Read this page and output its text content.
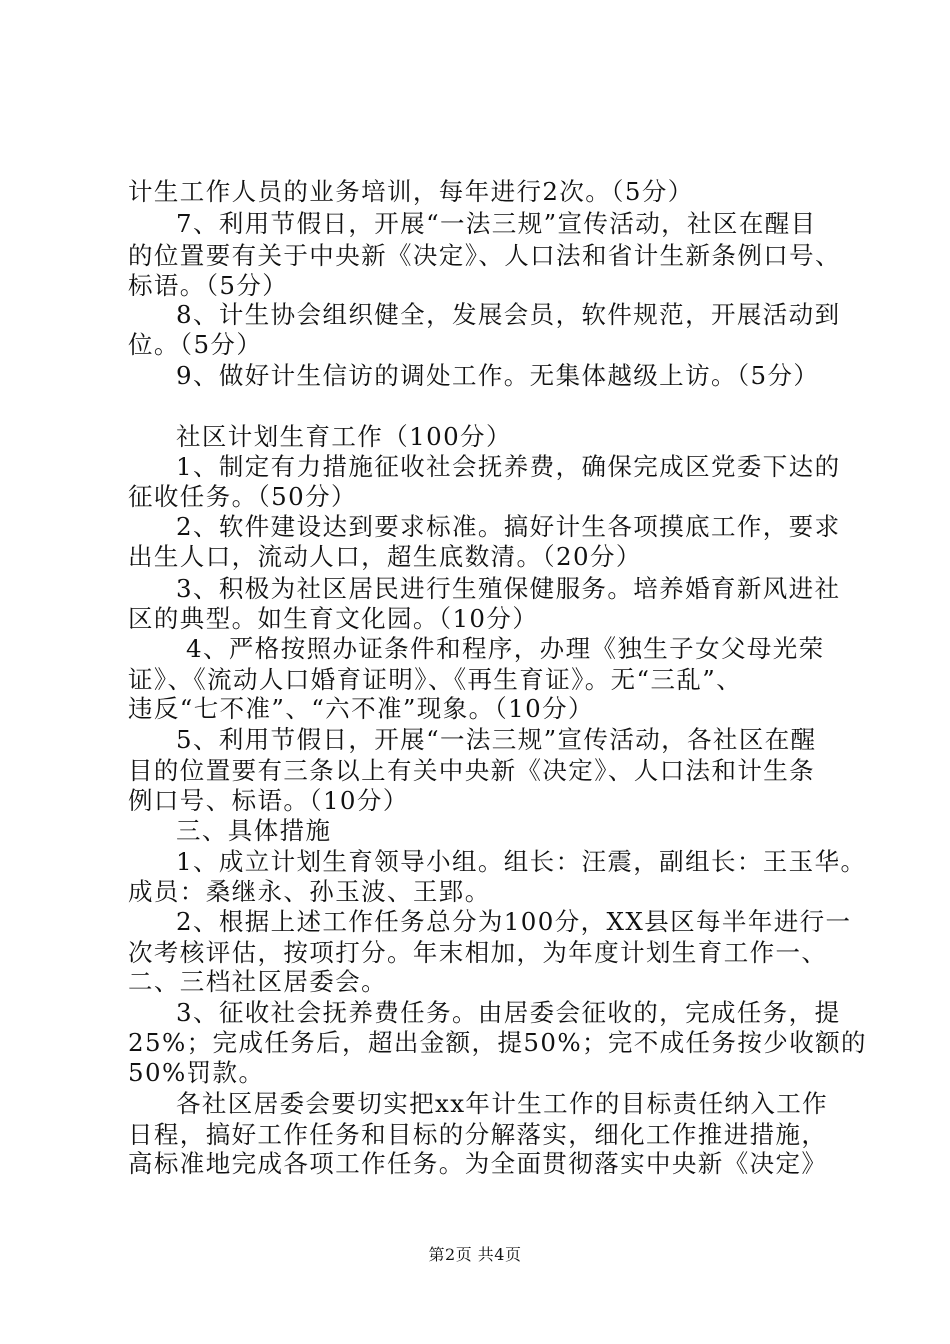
计生工作人员的业务培训，每年进行2次。（5分）
7、利用节假日，开展“一法三规”宣传活动，社区在醒目
的位置要有关于中央新《决定》、人口法和省计生新条例口号、
标语。（5分）
8、计生协会组织健全，发展会员，软件规范，开展活动到
位。（5分）
9、做好计生信访的调处工作。无集体越级上访。（5分）
社区计划生育工作（100分）
1、制定有力措施征收社会抚养费，确保完成区党委下达的
征收任务。（50分）
2、软件建设达到要求标准。搞好计生各项摸底工作，要求
出生人口，流动人口，超生底数清。（20分）
3、积极为社区居民进行生殖保健服务。培养婚育新风进社
区的典型。如生育文化园。（10分）
4、严格按照办证条件和程序，办理《独生子女父母光荣
证》、《流动人口婚育证明》、《再生育证》。无“三乱”、
违反“七不准”、“六不准”现象。（10分）
5、利用节假日，开展“一法三规”宣传活动，各社区在醒
目的位置要有三条以上有关中央新《决定》、人口法和计生条
例口号、标语。（10分）
三、具体措施
1、成立计划生育领导小组。组长：汪震，副组长：王玉华。
成员：桑继永、孙玉波、王郢。
2、根据上述工作任务总分为100分，XX县区每半年进行一
次考核评估，按项打分。年末相加，为年度计划生育工作一、
二、三档社区居委会。
3、征收社会抚养费任务。由居委会征收的，完成任务，提
25%；完成任务后，超出金额，提50%；完不成任务按少收额的
50%罚款。
各社区居委会要切实把xx年计生工作的目标责任纳入工作
日程，搞好工作任务和目标的分解落实，细化工作推进措施，
高标准地完成各项工作任务。为全面贯彻落实中央新《决定》
第2页 共4页
